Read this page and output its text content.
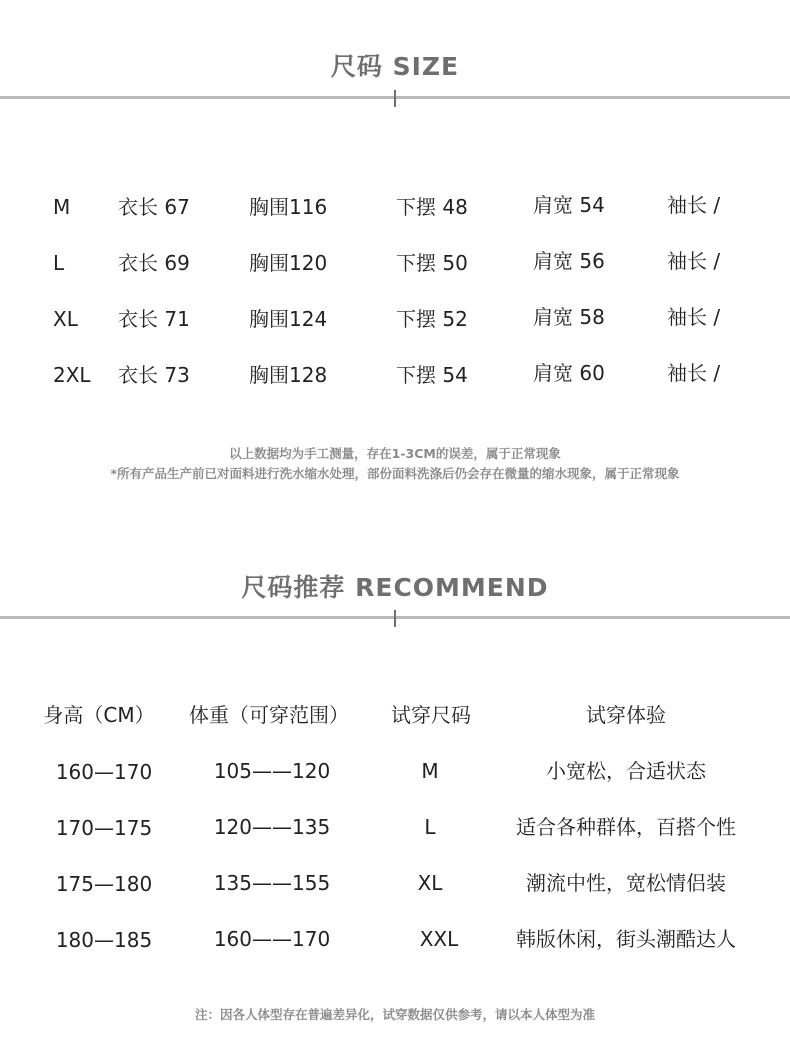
尺码 SIZE
M 衣长 67	胸围116	下摆 48	肩宽 54	袖长 /
L	衣长 69	胸围120	下摆 50	肩宽 56	袖长 /
XL 衣长 71	胸围124	下摆 52	肩宽 58	袖长 /
2XL 衣长 73	胸围128	下摆 54	肩宽 60	袖长 /
以上数据均为手工测量，存在1-3CM的误差，属于正常现象
*所有产品生产前已对面料进行洗水缩水处理，部份面料洗涤后仍会存在微量的缩水现象，属于正常现象
尺码推荐 RECOMMEND
身高（CM） 体重（可穿范围） 试穿尺码	试穿体验
160—170	105——120	M	小宽松，合适状态
170—175	120——135	L	适合各种群体，百搭个性
175—180	135——155	XL	潮流中性，宽松情侣装
180—185	160——170	XXL	韩版休闲，街头潮酷达人
注：因各人体型存在普遍差异化，试穿数据仅供参考，请以本人体型为准
